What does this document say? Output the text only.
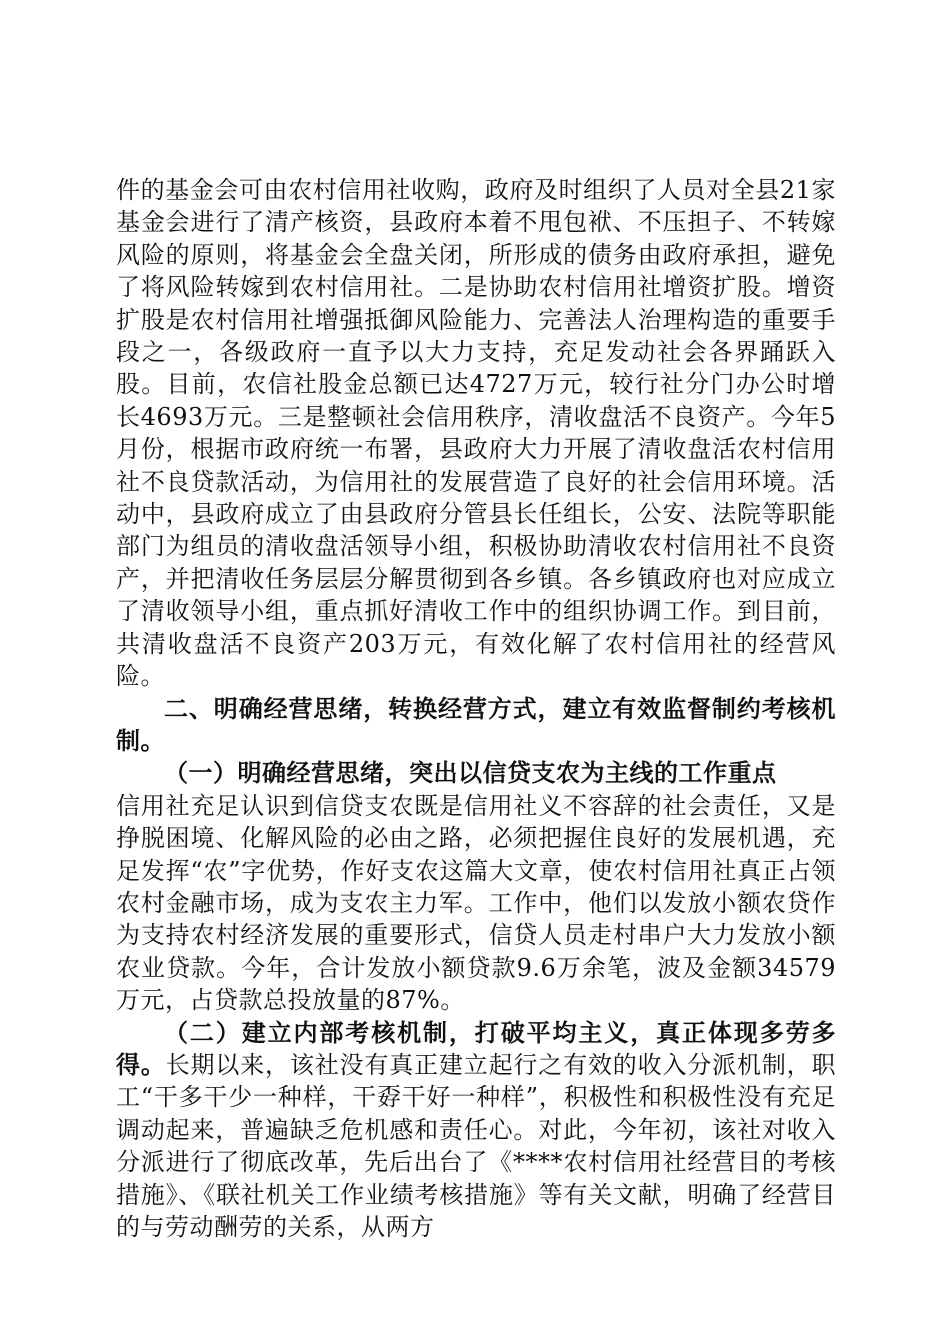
件的基金会可由农村信用社收购，政府及时组织了人员对全县21家基金会进行了清产核资，县政府本着不甩包袱、不压担子、不转嫁风险的原则，将基金会全盘关闭，所形成的债务由政府承担，避免了将风险转嫁到农村信用社。二是协助农村信用社增资扩股。增资扩股是农村信用社增强抵御风险能力、完善法人治理构造的重要手段之一，各级政府一直予以大力支持，充足发动社会各界踊跃入股。目前，农信社股金总额已达4727万元，较行社分门办公时增长4693万元。三是整顿社会信用秩序，清收盘活不良资产。今年5月份，根据市政府统一布署，县政府大力开展了清收盘活农村信用社不良贷款活动，为信用社的发展营造了良好的社会信用环境。活动中，县政府成立了由县政府分管县长任组长，公安、法院等职能部门为组员的清收盘活领导小组，积极协助清收农村信用社不良资产，并把清收任务层层分解贯彻到各乡镇。各乡镇政府也对应成立了清收领导小组，重点抓好清收工作中的组织协调工作。到目前，共清收盘活不良资产203万元，有效化解了农村信用社的经营风险。

二、明确经营思绪，转换经营方式，建立有效监督制约考核机制。

（一）明确经营思绪，突出以信贷支农为主线的工作重点
信用社充足认识到信贷支农既是信用社义不容辞的社会责任，又是挣脱困境、化解风险的必由之路，必须把握住良好的发展机遇，充足发挥“农”字优势，作好支农这篇大文章，使农村信用社真正占领农村金融市场，成为支农主力军。工作中，他们以发放小额农贷作为支持农村经济发展的重要形式，信贷人员走村串户大力发放小额农业贷款。今年，合计发放小额贷款9.6万余笔，波及金额34579万元，占贷款总投放量的87%。

（二）建立内部考核机制，打破平均主义，真正体现多劳多得。长期以来，该社没有真正建立起行之有效的收入分派机制，职工“干多干少一种样，干孬干好一种样”，积极性和积极性没有充足调动起来，普遍缺乏危机感和责任心。对此，今年初，该社对收入分派进行了彻底改革，先后出台了《****农村信用社经营目的考核措施》、《联社机关工作业绩考核措施》等有关文献，明确了经营目的与劳动酬劳的关系，从两方
